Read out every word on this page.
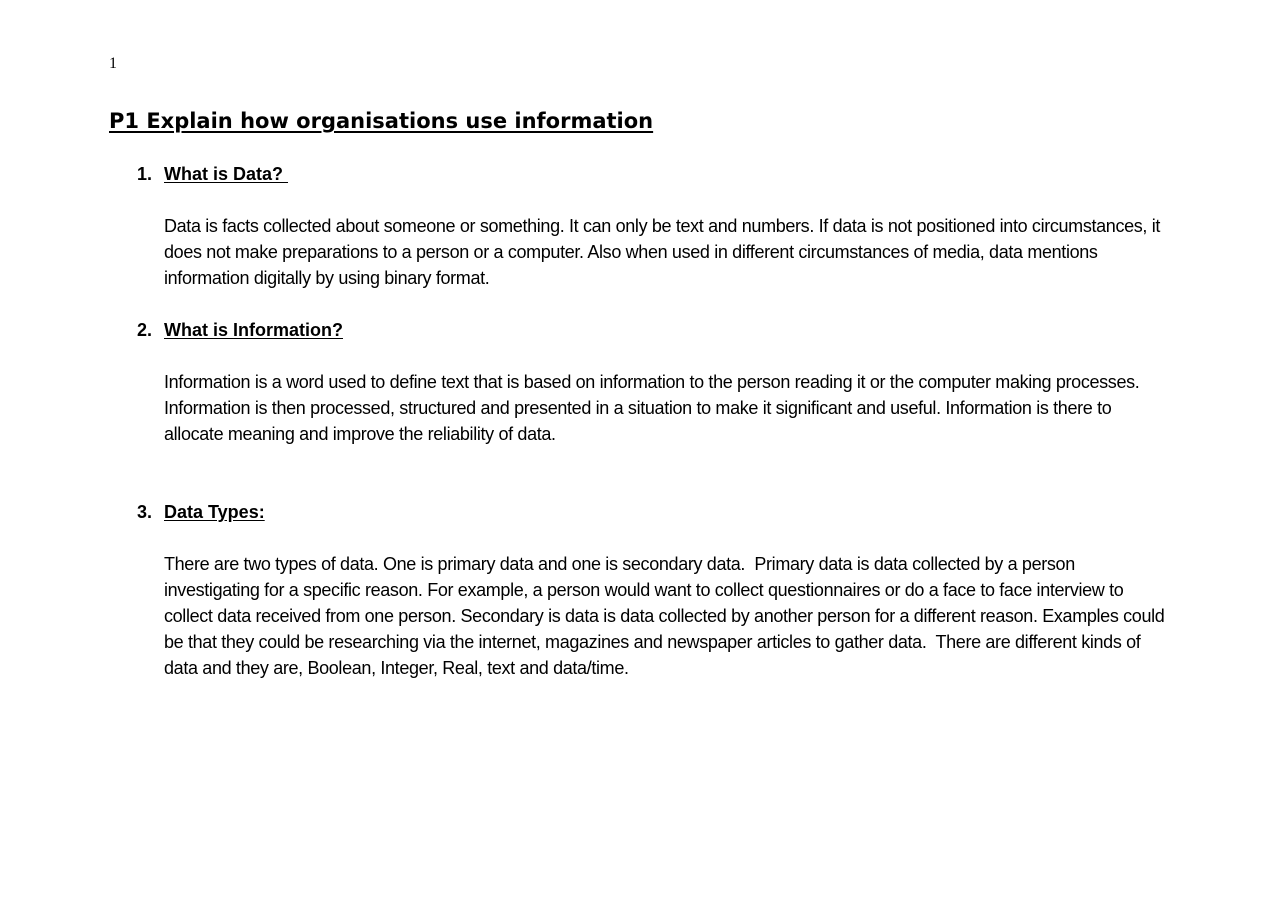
1
P1 Explain how organisations use information
1. What is Data?

Data is facts collected about someone or something. It can only be text and numbers. If data is not positioned into circumstances, it does not make preparations to a person or a computer. Also when used in different circumstances of media, data mentions information digitally by using binary format.

2. What is Information?

Information is a word used to define text that is based on information to the person reading it or the computer making processes. Information is then processed, structured and presented in a situation to make it significant and useful. Information is there to allocate meaning and improve the reliability of data.

3. Data Types:

There are two types of data. One is primary data and one is secondary data.  Primary data is data collected by a person investigating for a specific reason. For example, a person would want to collect questionnaires or do a face to face interview to collect data received from one person. Secondary is data is data collected by another person for a different reason. Examples could be that they could be researching via the internet, magazines and newspaper articles to gather data.  There are different kinds of data and they are, Boolean, Integer, Real, text and data/time.
